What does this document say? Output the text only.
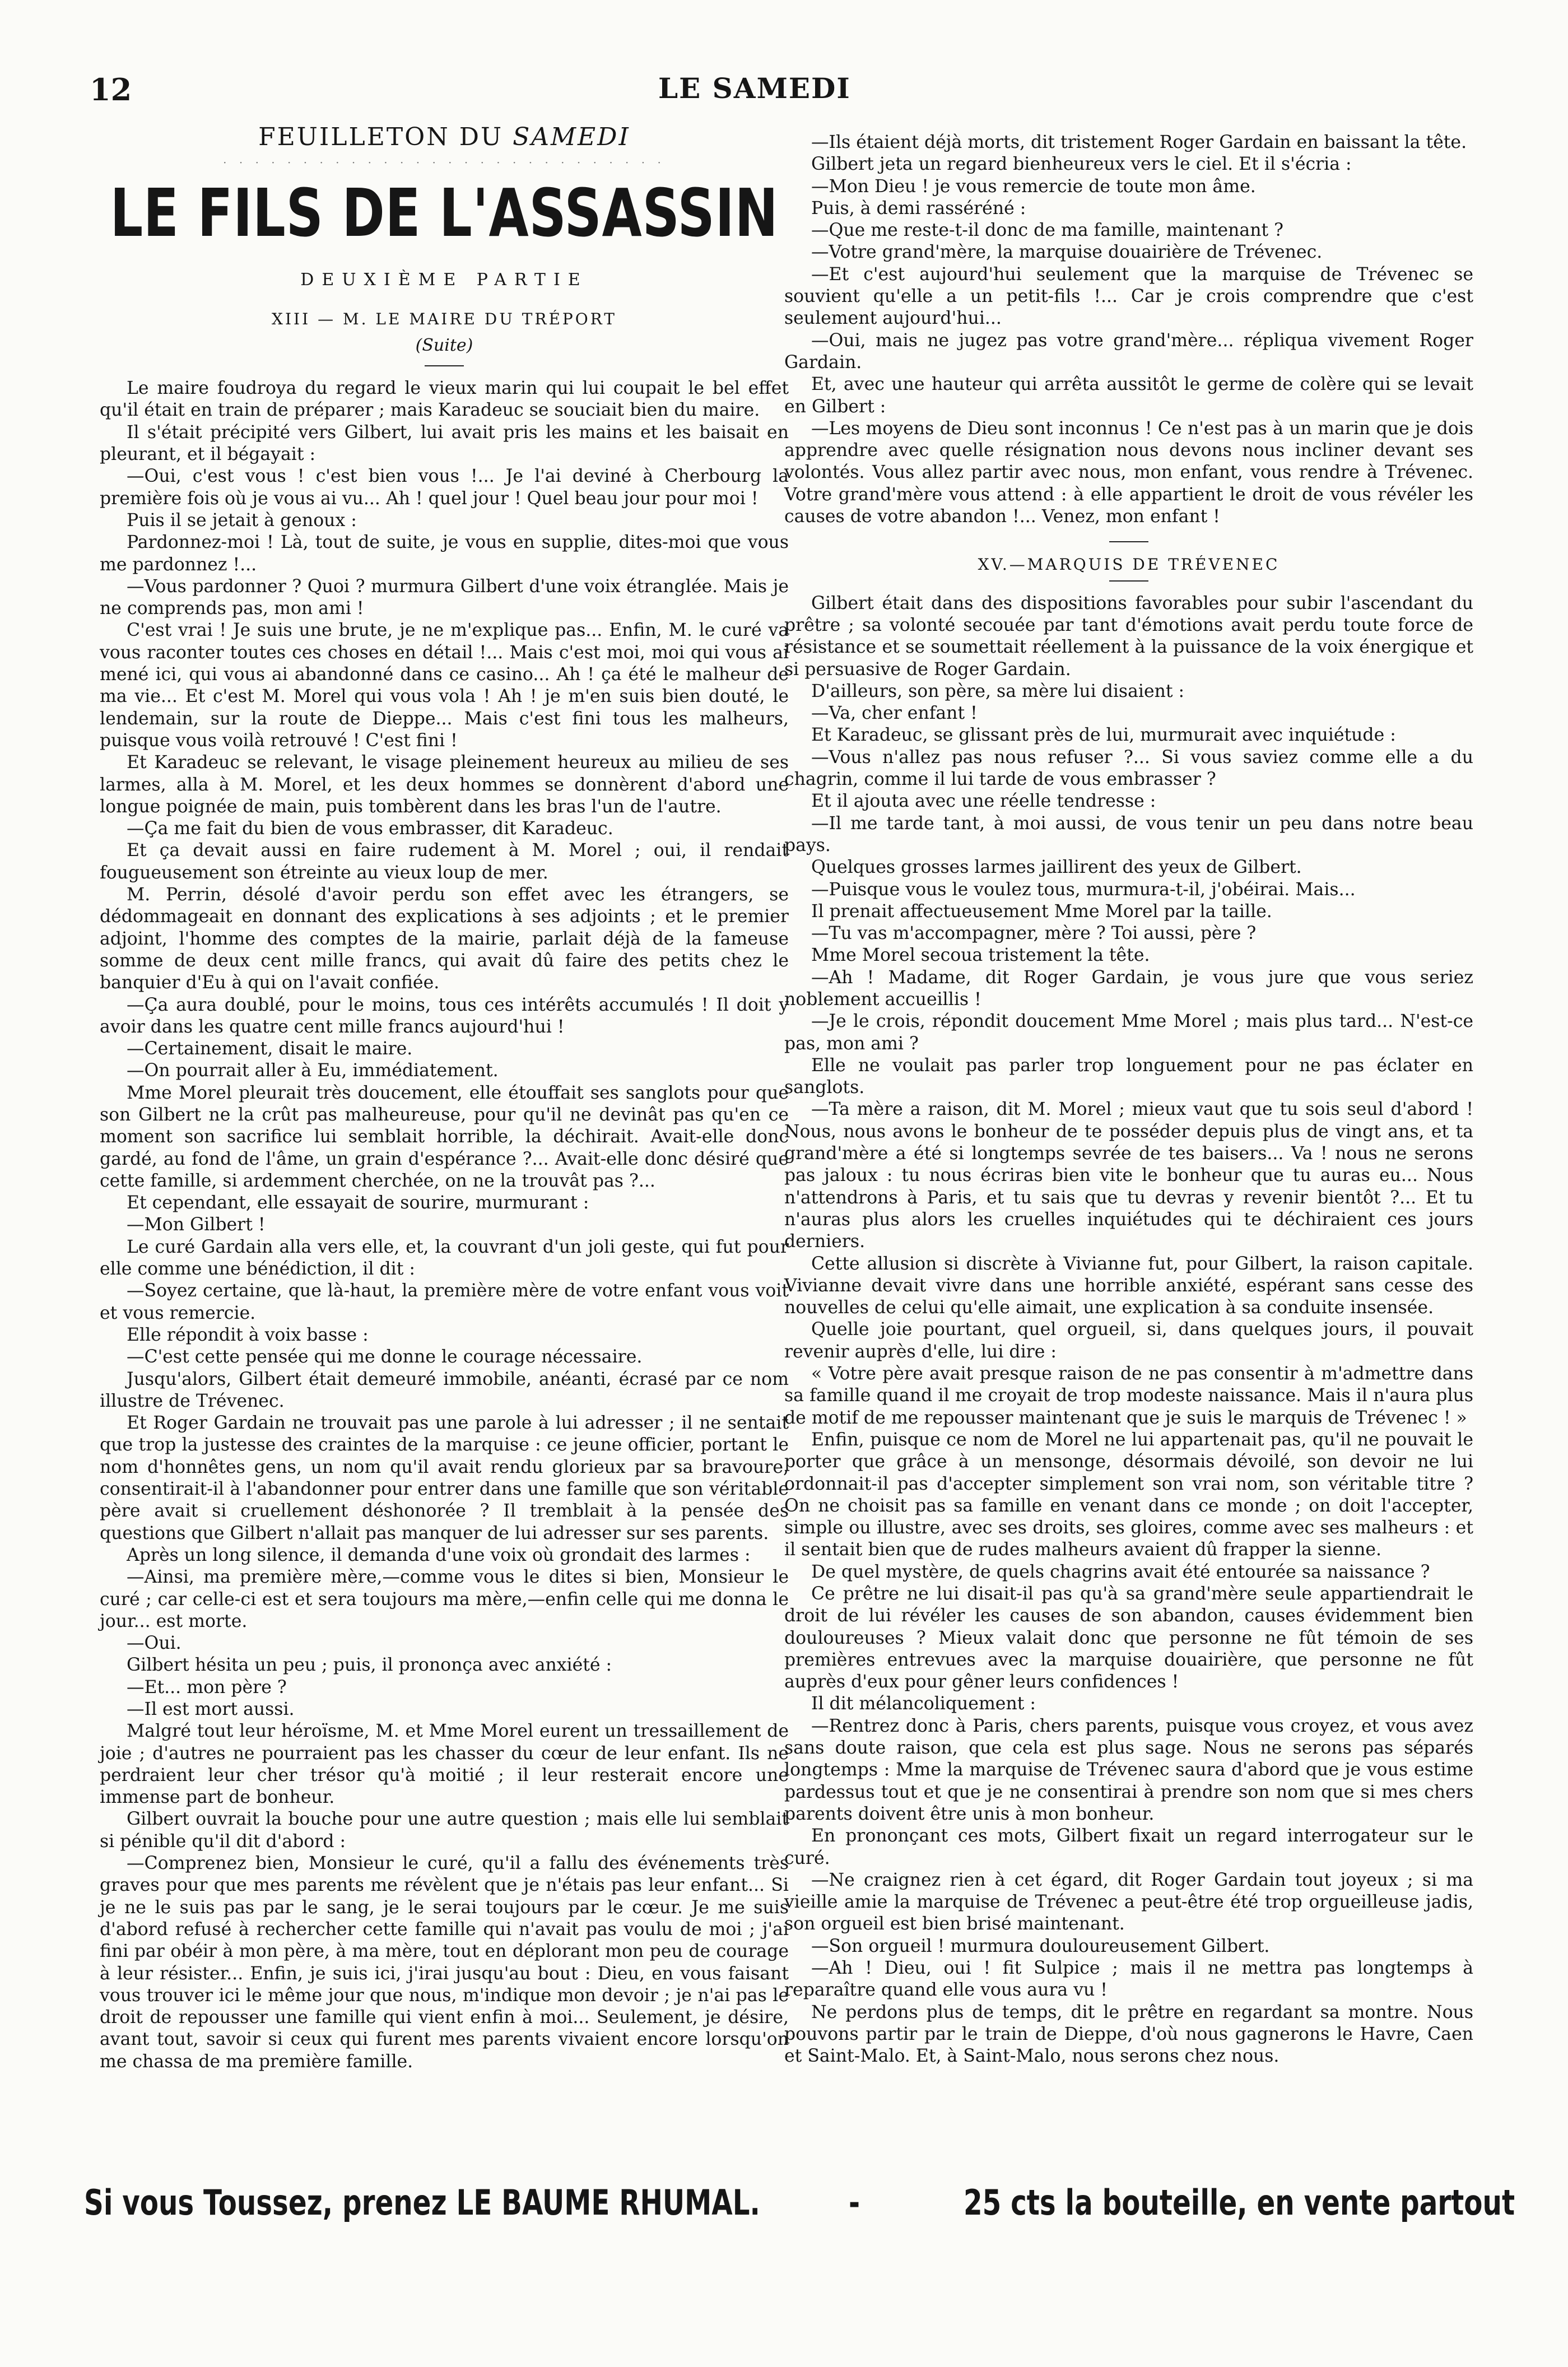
12	LE SAMEDI
FEUILLETON DU SAMEDI
· · · · · · · · · · · · · · · · · · · · · · · · · · · ·
LE FILS DE L'ASSASSIN
DEUXIÈME PARTIE
XIII — M. LE MAIRE DU TRÉPORT
(Suite)

Le maire foudroya du regard le vieux marin qui lui coupait le bel effet qu'il était en train de préparer ; mais Karadeuc se souciait bien du maire.

Il s'était précipité vers Gilbert, lui avait pris les mains et les baisait en pleurant, et il bégayait :

—Oui, c'est vous ! c'est bien vous !... Je l'ai deviné à Cherbourg la première fois où je vous ai vu... Ah ! quel jour ! Quel beau jour pour moi !

Puis il se jetait à genoux :

Pardonnez-moi ! Là, tout de suite, je vous en supplie, dites-moi que vous me pardonnez !...

—Vous pardonner ? Quoi ? murmura Gilbert d'une voix étranglée. Mais je ne comprends pas, mon ami !

C'est vrai ! Je suis une brute, je ne m'explique pas... Enfin, M. le curé va vous raconter toutes ces choses en détail !... Mais c'est moi, moi qui vous ai mené ici, qui vous ai abandonné dans ce casino... Ah ! ça été le malheur de ma vie... Et c'est M. Morel qui vous vola ! Ah ! je m'en suis bien douté, le lendemain, sur la route de Dieppe... Mais c'est fini tous les malheurs, puisque vous voilà retrouvé ! C'est fini !

Et Karadeuc se relevant, le visage pleinement heureux au milieu de ses larmes, alla à M. Morel, et les deux hommes se donnèrent d'abord une longue poignée de main, puis tombèrent dans les bras l'un de l'autre.

—Ça me fait du bien de vous embrasser, dit Karadeuc.

Et ça devait aussi en faire rudement à M. Morel ; oui, il rendait fougueusement son étreinte au vieux loup de mer.

M. Perrin, désolé d'avoir perdu son effet avec les étrangers, se dédommageait en donnant des explications à ses adjoints ; et le premier adjoint, l'homme des comptes de la mairie, parlait déjà de la fameuse somme de deux cent mille francs, qui avait dû faire des petits chez le banquier d'Eu à qui on l'avait confiée.

—Ça aura doublé, pour le moins, tous ces intérêts accumulés ! Il doit y avoir dans les quatre cent mille francs aujourd'hui !

—Certainement, disait le maire.

—On pourrait aller à Eu, immédiatement.

Mme Morel pleurait très doucement, elle étouffait ses sanglots pour que son Gilbert ne la crût pas malheureuse, pour qu'il ne devinât pas qu'en ce moment son sacrifice lui semblait horrible, la déchirait. Avait-elle donc gardé, au fond de l'âme, un grain d'espérance ?... Avait-elle donc désiré que cette famille, si ardemment cherchée, on ne la trouvât pas ?...

Et cependant, elle essayait de sourire, murmurant :

—Mon Gilbert !

Le curé Gardain alla vers elle, et, la couvrant d'un joli geste, qui fut pour elle comme une bénédiction, il dit :

—Soyez certaine, que là-haut, la première mère de votre enfant vous voit et vous remercie.

Elle répondit à voix basse :

—C'est cette pensée qui me donne le courage nécessaire.

Jusqu'alors, Gilbert était demeuré immobile, anéanti, écrasé par ce nom illustre de Trévenec.

Et Roger Gardain ne trouvait pas une parole à lui adresser ; il ne sentait que trop la justesse des craintes de la marquise : ce jeune officier, portant le nom d'honnêtes gens, un nom qu'il avait rendu glorieux par sa bravoure, consentirait-il à l'abandonner pour entrer dans une famille que son véritable père avait si cruellement déshonorée ? Il tremblait à la pensée des questions que Gilbert n'allait pas manquer de lui adresser sur ses parents.

Après un long silence, il demanda d'une voix où grondait des larmes :

—Ainsi, ma première mère,—comme vous le dites si bien, Monsieur le curé ; car celle-ci est et sera toujours ma mère,—enfin celle qui me donna le jour... est morte.

—Oui.

Gilbert hésita un peu ; puis, il prononça avec anxiété :

—Et... mon père ?

—Il est mort aussi.

Malgré tout leur héroïsme, M. et Mme Morel eurent un tressaillement de joie ; d'autres ne pourraient pas les chasser du cœur de leur enfant. Ils ne perdraient leur cher trésor qu'à moitié ; il leur resterait encore une immense part de bonheur.

Gilbert ouvrait la bouche pour une autre question ; mais elle lui semblait si pénible qu'il dit d'abord :

—Comprenez bien, Monsieur le curé, qu'il a fallu des événements très graves pour que mes parents me révèlent que je n'étais pas leur enfant... Si je ne le suis pas par le sang, je le serai toujours par le cœur. Je me suis d'abord refusé à rechercher cette famille qui n'avait pas voulu de moi ; j'ai fini par obéir à mon père, à ma mère, tout en déplorant mon peu de courage à leur résister... Enfin, je suis ici, j'irai jusqu'au bout : Dieu, en vous faisant vous trouver ici le même jour que nous, m'indique mon devoir ; je n'ai pas le droit de repousser une famille qui vient enfin à moi... Seulement, je désire, avant tout, savoir si ceux qui furent mes parents vivaient encore lorsqu'on me chassa de ma première famille.

—Ils étaient déjà morts, dit tristement Roger Gardain en baissant la tête.

Gilbert jeta un regard bienheureux vers le ciel. Et il s'écria :

—Mon Dieu ! je vous remercie de toute mon âme.

Puis, à demi rasséréné :

—Que me reste-t-il donc de ma famille, maintenant ?

—Votre grand'mère, la marquise douairière de Trévenec.

—Et c'est aujourd'hui seulement que la marquise de Trévenec se souvient qu'elle a un petit-fils !... Car je crois comprendre que c'est seulement aujourd'hui...

—Oui, mais ne jugez pas votre grand'mère... répliqua vivement Roger Gardain.

Et, avec une hauteur qui arrêta aussitôt le germe de colère qui se levait en Gilbert :

—Les moyens de Dieu sont inconnus ! Ce n'est pas à un marin que je dois apprendre avec quelle résignation nous devons nous incliner devant ses volontés. Vous allez partir avec nous, mon enfant, vous rendre à Trévenec. Votre grand'mère vous attend : à elle appartient le droit de vous révéler les causes de votre abandon !... Venez, mon enfant !

XV.—MARQUIS DE TRÉVENEC

Gilbert était dans des dispositions favorables pour subir l'ascendant du prêtre ; sa volonté secouée par tant d'émotions avait perdu toute force de résistance et se soumettait réellement à la puissance de la voix énergique et si persuasive de Roger Gardain.

D'ailleurs, son père, sa mère lui disaient :

—Va, cher enfant !

Et Karadeuc, se glissant près de lui, murmurait avec inquiétude :

—Vous n'allez pas nous refuser ?... Si vous saviez comme elle a du chagrin, comme il lui tarde de vous embrasser ?

Et il ajouta avec une réelle tendresse :

—Il me tarde tant, à moi aussi, de vous tenir un peu dans notre beau pays.

Quelques grosses larmes jaillirent des yeux de Gilbert.

—Puisque vous le voulez tous, murmura-t-il, j'obéirai. Mais...

Il prenait affectueusement Mme Morel par la taille.

—Tu vas m'accompagner, mère ? Toi aussi, père ?

Mme Morel secoua tristement la tête.

—Ah ! Madame, dit Roger Gardain, je vous jure que vous seriez noblement accueillis !

—Je le crois, répondit doucement Mme Morel ; mais plus tard... N'est-ce pas, mon ami ?

Elle ne voulait pas parler trop longuement pour ne pas éclater en sanglots.

—Ta mère a raison, dit M. Morel ; mieux vaut que tu sois seul d'abord ! Nous, nous avons le bonheur de te posséder depuis plus de vingt ans, et ta grand'mère a été si longtemps sevrée de tes baisers... Va ! nous ne serons pas jaloux : tu nous écriras bien vite le bonheur que tu auras eu... Nous n'attendrons à Paris, et tu sais que tu devras y revenir bientôt ?... Et tu n'auras plus alors les cruelles inquiétudes qui te déchiraient ces jours derniers.

Cette allusion si discrète à Vivianne fut, pour Gilbert, la raison capitale. Vivianne devait vivre dans une horrible anxiété, espérant sans cesse des nouvelles de celui qu'elle aimait, une explication à sa conduite insensée.

Quelle joie pourtant, quel orgueil, si, dans quelques jours, il pouvait revenir auprès d'elle, lui dire :

« Votre père avait presque raison de ne pas consentir à m'admettre dans sa famille quand il me croyait de trop modeste naissance. Mais il n'aura plus de motif de me repousser maintenant que je suis le marquis de Trévenec ! »

Enfin, puisque ce nom de Morel ne lui appartenait pas, qu'il ne pouvait le porter que grâce à un mensonge, désormais dévoilé, son devoir ne lui ordonnait-il pas d'accepter simplement son vrai nom, son véritable titre ? On ne choisit pas sa famille en venant dans ce monde ; on doit l'accepter, simple ou illustre, avec ses droits, ses gloires, comme avec ses malheurs : et il sentait bien que de rudes malheurs avaient dû frapper la sienne.

De quel mystère, de quels chagrins avait été entourée sa naissance ?

Ce prêtre ne lui disait-il pas qu'à sa grand'mère seule appartiendrait le droit de lui révéler les causes de son abandon, causes évidemment bien douloureuses ? Mieux valait donc que personne ne fût témoin de ses premières entrevues avec la marquise douairière, que personne ne fût auprès d'eux pour gêner leurs confidences !

Il dit mélancoliquement :

—Rentrez donc à Paris, chers parents, puisque vous croyez, et vous avez sans doute raison, que cela est plus sage. Nous ne serons pas séparés longtemps : Mme la marquise de Trévenec saura d'abord que je vous estime pardessus tout et que je ne consentirai à prendre son nom que si mes chers parents doivent être unis à mon bonheur.

En prononçant ces mots, Gilbert fixait un regard interrogateur sur le curé.

—Ne craignez rien à cet égard, dit Roger Gardain tout joyeux ; si ma vieille amie la marquise de Trévenec a peut-être été trop orgueilleuse jadis, son orgueil est bien brisé maintenant.

—Son orgueil ! murmura douloureusement Gilbert.

—Ah ! Dieu, oui ! fit Sulpice ; mais il ne mettra pas longtemps à reparaître quand elle vous aura vu !

Ne perdons plus de temps, dit le prêtre en regardant sa montre. Nous pouvons partir par le train de Dieppe, d'où nous gagnerons le Havre, Caen et Saint-Malo. Et, à Saint-Malo, nous serons chez nous.

Si vous Toussez, prenez LE BAUME RHUMAL.	-	25 cts la bouteille, en vente partout
